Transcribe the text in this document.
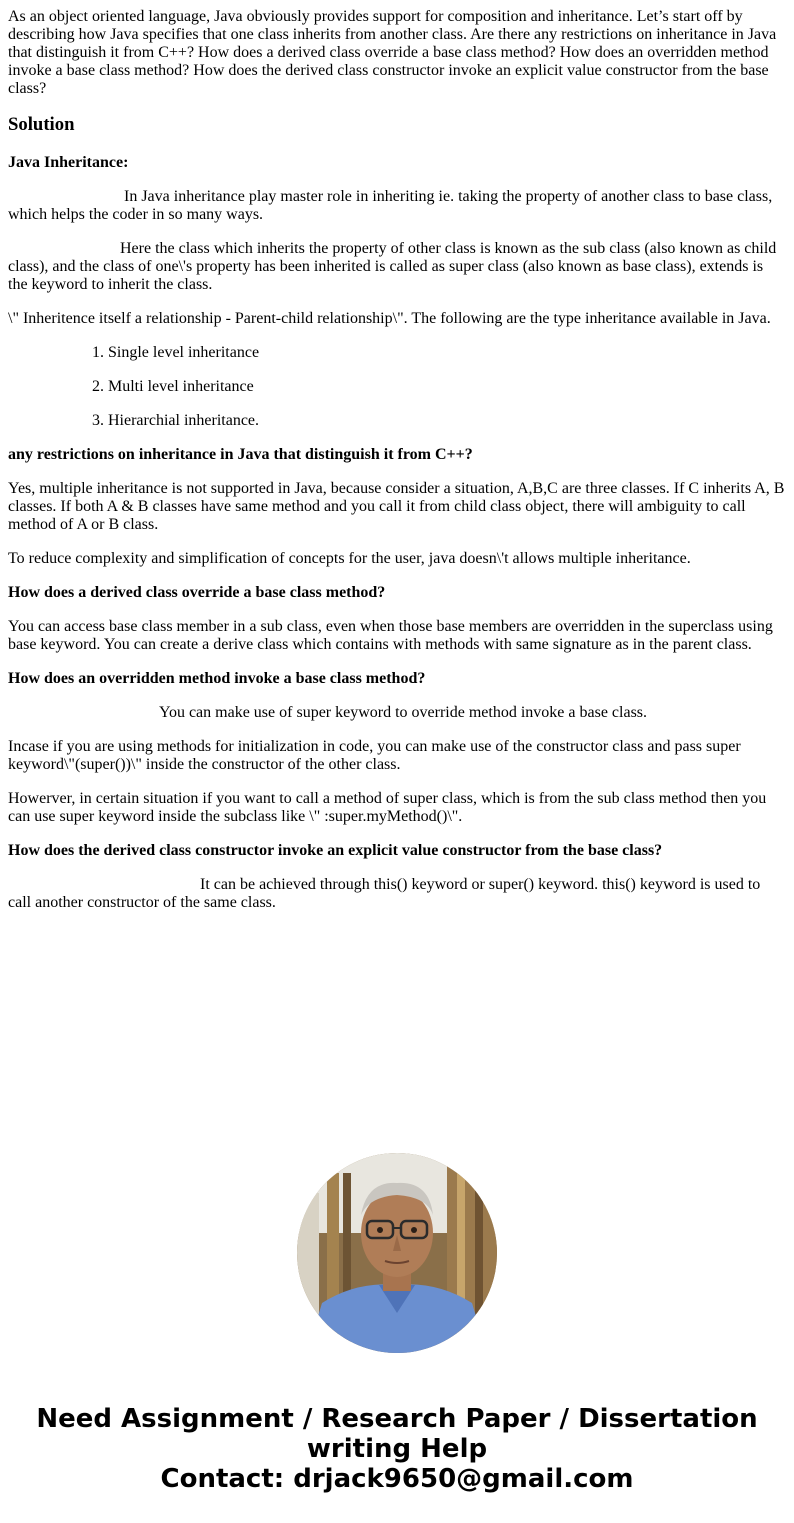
As an object oriented language, Java obviously provides support for composition and inheritance. Let’s start off by describing how Java specifies that one class inherits from another class. Are there any restrictions on inheritance in Java that distinguish it from C++? How does a derived class override a base class method? How does an overridden method invoke a base class method? How does the derived class constructor invoke an explicit value constructor from the base class?

Solution

Java Inheritance:

In Java inheritance play master role in inheriting ie. taking the property of another class to base class, which helps the coder in so many ways.

Here the class which inherits the property of other class is known as the sub class (also known as child class), and the class of one\'s property has been inherited is called as super class (also known as base class), extends is the keyword to inherit the class.

\" Inheritence itself a relationship - Parent-child relationship\". The following are the type inheritance available in Java.

1. Single level inheritance

2. Multi level inheritance

3. Hierarchial inheritance.

any restrictions on inheritance in Java that distinguish it from C++?

Yes, multiple inheritance is not supported in Java, because consider a situation, A,B,C are three classes. If C inherits A, B classes. If both A & B classes have same method and you call it from child class object, there will ambiguity to call method of A or B class.

To reduce complexity and simplification of concepts for the user, java doesn\'t allows multiple inheritance.

How does a derived class override a base class method?

You can access base class member in a sub class, even when those base members are overridden in the superclass using base keyword. You can create a derive class which contains with methods with same signature as in the parent class.

How does an overridden method invoke a base class method?

You can make use of super keyword to override method invoke a base class.

Incase if you are using methods for initialization in code, you can make use of the constructor class and pass super keyword\"(super())\" inside the constructor of the other class.

Howerver, in certain situation if you want to call a method of super class, which is from the sub class method then you can use super keyword inside the subclass like \" :super.myMethod()\".

How does the derived class constructor invoke an explicit value constructor from the base class?

It can be achieved through this() keyword or super() keyword. this() keyword is used to call another constructor of the same class.

Need Assignment / Research Paper / Dissertation writing Help
Contact: drjack9650@gmail.com
